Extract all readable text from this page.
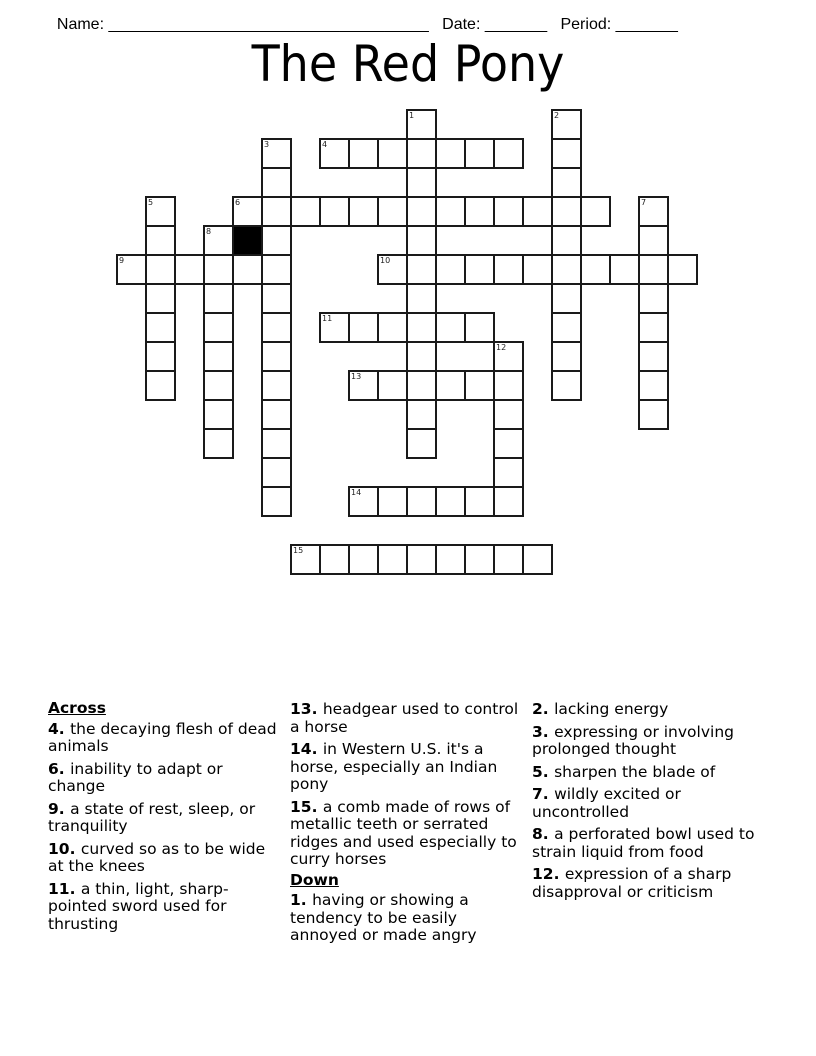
Name: ____________________________________ Date: _______ Period: _______

The Red Pony
1	2
3	4
5	6	7
8
9	10
11
12
13
14
15
Across
4. the decaying flesh of dead animals
6. inability to adapt or change
9. a state of rest, sleep, or tranquility
10. curved so as to be wide at the knees
11. a thin, light, sharp-pointed sword used for thrusting
13. headgear used to control a horse
14. in Western U.S. it's a horse, especially an Indian pony
15. a comb made of rows of metallic teeth or serrated ridges and used especially to curry horses
Down
1. having or showing a tendency to be easily annoyed or made angry
2. lacking energy
3. expressing or involving prolonged thought
5. sharpen the blade of
7. wildly excited or uncontrolled
8. a perforated bowl used to strain liquid from food
12. expression of a sharp disapproval or criticism
